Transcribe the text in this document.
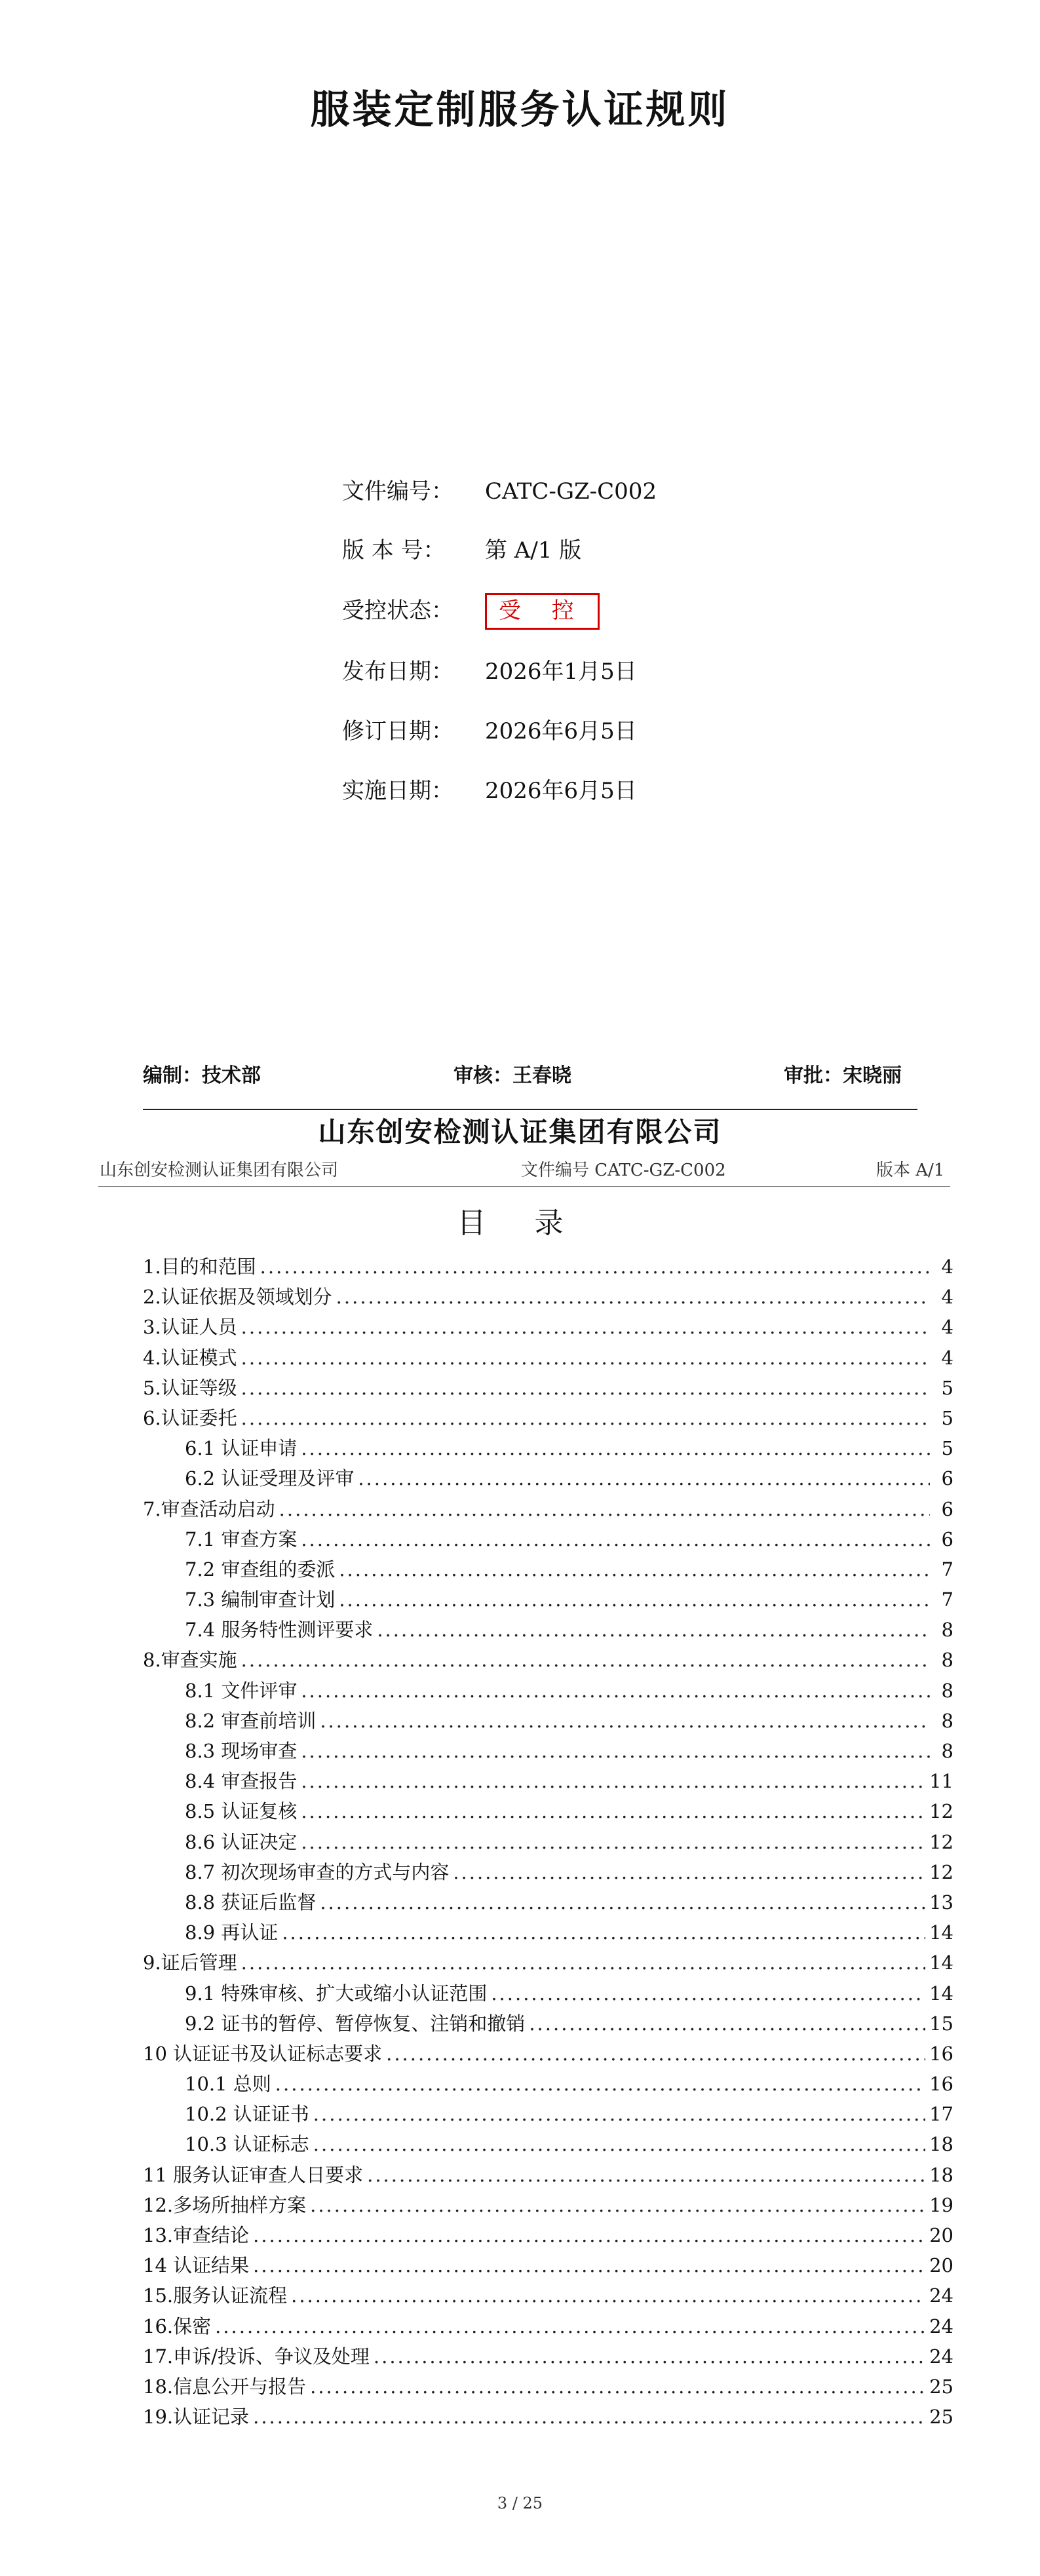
服装定制服务认证规则
文件编号： CATC-GZ-C002
版 本 号： 第 A/1 版
受控状态： 受 控
发布日期： 2026年1月5日
修订日期： 2026年6月5日
实施日期： 2026年6月5日
编制：技术部	审核：王春晓	审批：宋晓丽
山东创安检测认证集团有限公司
山东创安检测认证集团有限公司	文件编号 CATC-GZ-C002	版本 A/1
目 录
1.目的和范围 .....	4
2.认证依据及领域划分 .....	4
3.认证人员 .....	4
4.认证模式 .....	4
5.认证等级 .....	5
6.认证委托 .....	5
6.1 认证申请 .....	5
6.2 认证受理及评审 .....	6
7.审查活动启动 .....	6
7.1 审查方案 .....	6
7.2 审查组的委派 .....	7
7.3 编制审查计划 .....	7
7.4 服务特性测评要求 .....	8
8.审查实施 .....	8
8.1 文件评审 .....	8
8.2 审查前培训 .....	8
8.3 现场审查 .....	8
8.4 审查报告 .....	11
8.5 认证复核 .....	12
8.6 认证决定 .....	12
8.7 初次现场审查的方式与内容 .....	12
8.8 获证后监督 .....	13
8.9 再认证 .....	14
9.证后管理 .....	14
9.1 特殊审核、扩大或缩小认证范围 .....	14
9.2 证书的暂停、暂停恢复、注销和撤销 .....	15
10 认证证书及认证标志要求 .....	16
10.1 总则 .....	16
10.2 认证证书 .....	17
10.3 认证标志 .....	18
11 服务认证审查人日要求 .....	18
12.多场所抽样方案 .....	19
13.审查结论 .....	20
14 认证结果 .....	20
15.服务认证流程 .....	24
16.保密 .....	24
17.申诉/投诉、争议及处理 .....	24
18.信息公开与报告 .....	25
19.认证记录 .....	25
3 / 25
